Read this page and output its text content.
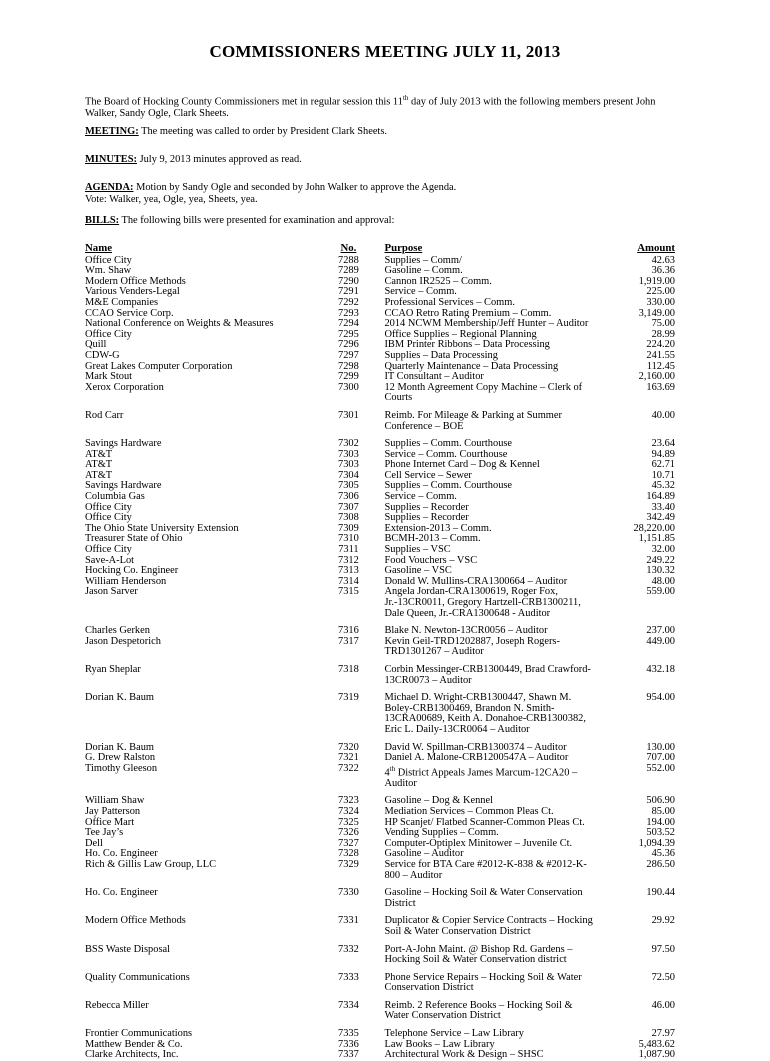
COMMISSIONERS MEETING JULY 11, 2013
The Board of Hocking County Commissioners met in regular session this 11th day of July 2013 with the following members present John Walker, Sandy Ogle, Clark Sheets.
MEETING: The meeting was called to order by President Clark Sheets.
MINUTES: July 9, 2013 minutes approved as read.
AGENDA: Motion by Sandy Ogle and seconded by John Walker to approve the Agenda.
Vote: Walker, yea, Ogle, yea, Sheets, yea.
BILLS: The following bills were presented for examination and approval:
Name	No.		Purpose	Amount
Office City	7288		Supplies – Comm/	42.63
Wm. Shaw	7289		Gasoline – Comm.	36.36
Modern Office Methods	7290		Cannon IR2525 – Comm.	1,919.00
Various Venders-Legal	7291		Service – Comm.	225.00
M&E Companies	7292		Professional Services – Comm.	330.00
CCAO Service Corp.	7293		CCAO Retro Rating Premium – Comm.	3,149.00
National Conference on Weights & Measures	7294		2014 NCWM Membership/Jeff Hunter – Auditor	75.00
Office City	7295		Office Supplies – Regional Planning	28.99
Quill	7296		IBM Printer Ribbons – Data Processing	224.20
CDW-G	7297		Supplies – Data Processing	241.55
Great Lakes Computer Corporation	7298		Quarterly Maintenance – Data Processing	112.45
Mark Stout	7299		IT Consultant – Auditor	2,160.00
Xerox Corporation	7300		12 Month Agreement Copy Machine – Clerk of Courts	163.69
Rod Carr	7301		Reimb. For Mileage & Parking at Summer Conference – BOE	40.00
Savings Hardware	7302		Supplies – Comm. Courthouse	23.64
AT&T	7303		Service – Comm. Courthouse	94.89
AT&T	7303		Phone Internet Card – Dog & Kennel	62.71
AT&T	7304		Cell Service – Sewer	10.71
Savings Hardware	7305		Supplies – Comm. Courthouse	45.32
Columbia Gas	7306		Service – Comm.	164.89
Office City	7307		Supplies – Recorder	33.40
Office City	7308		Supplies – Recorder	342.49
The Ohio State University Extension	7309		Extension-2013 – Comm.	28,220.00
Treasurer State of Ohio	7310		BCMH-2013 – Comm.	1,151.85
Office City	7311		Supplies – VSC	32.00
Save-A-Lot	7312		Food Vouchers – VSC	249.22
Hocking Co. Engineer	7313		Gasoline – VSC	130.32
William Henderson	7314		Donald W. Mullins-CRA1300664 – Auditor	48.00
Jason Sarver	7315		Angela Jordan-CRA1300619, Roger Fox, Jr.-13CR0011, Gregory Hartzell-CRB1300211, Dale Queen, Jr.-CRA1300648 - Auditor	559.00
Charles Gerken	7316		Blake N. Newton-13CR0056 – Auditor	237.00
Jason Despetorich	7317		Kevin Geil-TRD1202887, Joseph Rogers-TRD1301267 – Auditor	449.00
Ryan Sheplar	7318		Corbin Messinger-CRB1300449, Brad Crawford-13CR0073 – Auditor	432.18
Dorian K. Baum	7319		Michael D. Wright-CRB1300447, Shawn M. Boley-CRB1300469, Brandon N. Smith-13CRA00689, Keith A. Donahoe-CRB1300382, Eric L. Daily-13CR0064 – Auditor	954.00
Dorian K. Baum	7320		David W. Spillman-CRB1300374 – Auditor	130.00
G. Drew Ralston	7321		Daniel A. Malone-CRB1200547A – Auditor	707.00
Timothy Gleeson	7322		4th District Appeals James Marcum-12CA20 – Auditor	552.00
William Shaw	7323		Gasoline – Dog & Kennel	506.90
Jay Patterson	7324		Mediation Services – Common Pleas Ct.	85.00
Office Mart	7325		HP Scanjet/ Flatbed Scanner-Common Pleas Ct.	194.00
Tee Jay’s	7326		Vending Supplies – Comm.	503.52
Dell	7327		Computer-Optiplex Minitower – Juvenile Ct.	1,094.39
Ho. Co. Engineer	7328		Gasoline – Auditor	45.36
Rich & Gillis Law Group, LLC	7329		Service for BTA Care #2012-K-838 & #2012-K-800 – Auditor	286.50
Ho. Co. Engineer	7330		Gasoline – Hocking Soil & Water Conservation District	190.44
Modern Office Methods	7331		Duplicator & Copier Service Contracts – Hocking Soil & Water Conservation District	29.92
BSS Waste Disposal	7332		Port-A-John Maint. @ Bishop Rd. Gardens – Hocking Soil & Water Conservation district	97.50
Quality Communications	7333		Phone Service Repairs – Hocking Soil & Water Conservation District	72.50
Rebecca Miller	7334		Reimb. 2 Reference Books – Hocking Soil & Water Conservation District	46.00
Frontier Communications	7335		Telephone Service – Law Library	27.97
Matthew Bender & Co.	7336		Law Books – Law Library	5,483.62
Clarke Architects, Inc.	7337		Architectural Work & Design – SHSC	1,087.90
